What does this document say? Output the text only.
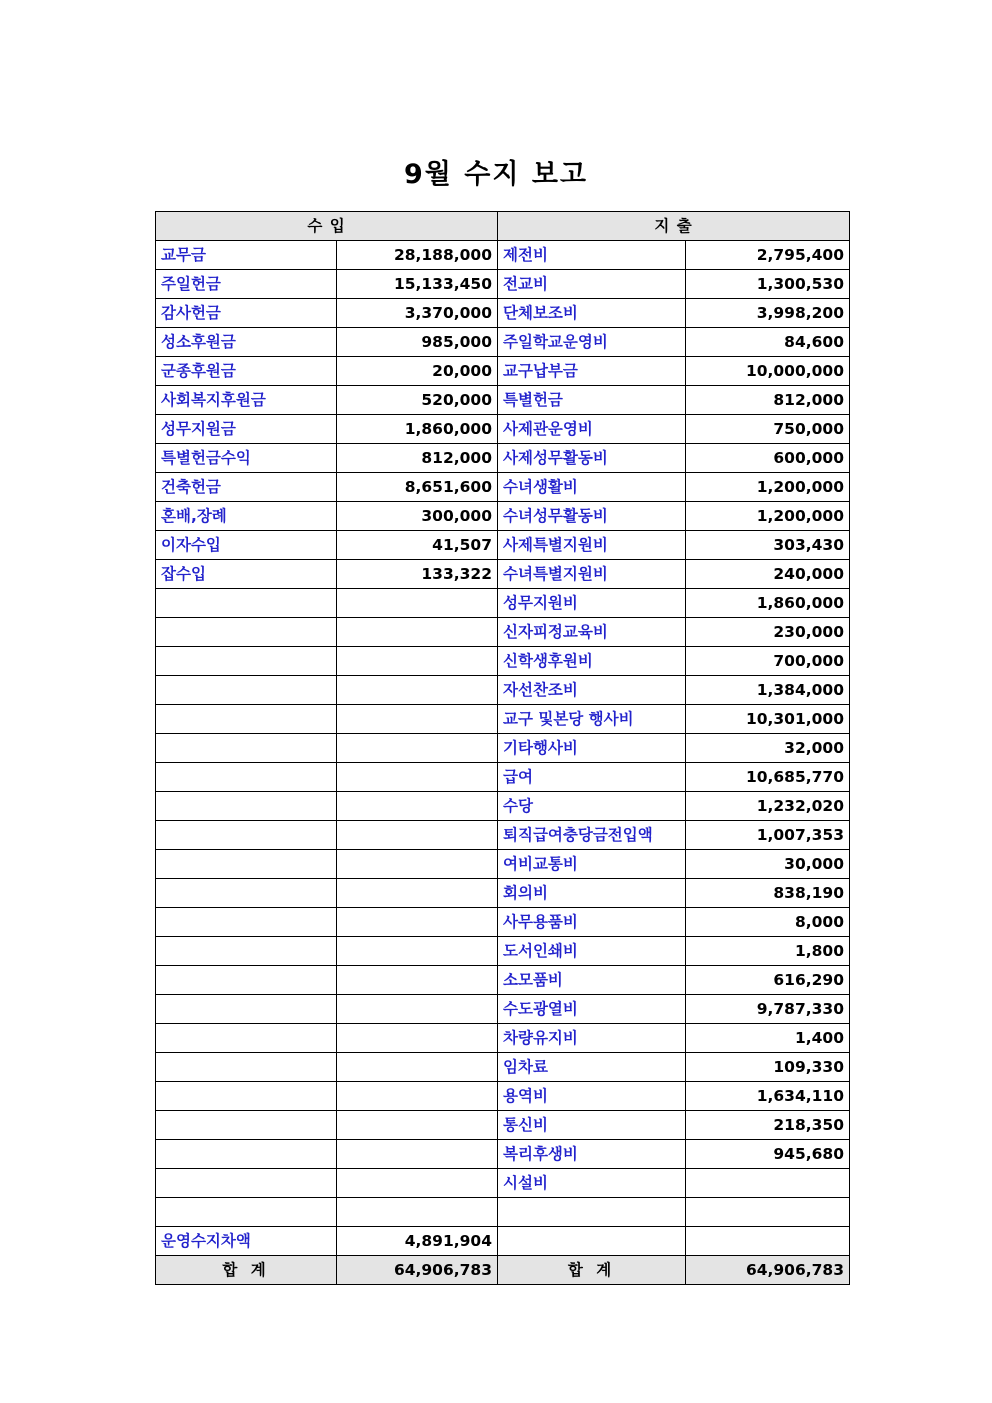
9월 수지 보고
수 입		지 출	
교무금	28,188,000	제전비	2,795,400
주일헌금	15,133,450	전교비	1,300,530
감사헌금	3,370,000	단체보조비	3,998,200
성소후원금	985,000	주일학교운영비	84,600
군종후원금	20,000	교구납부금	10,000,000
사회복지후원금	520,000	특별헌금	812,000
성무지원금	1,860,000	사제관운영비	750,000
특별헌금수익	812,000	사제성무활동비	600,000
건축헌금	8,651,600	수녀생활비	1,200,000
혼배,장례	300,000	수녀성무활동비	1,200,000
이자수입	41,507	사제특별지원비	303,430
잡수입	133,322	수녀특별지원비	240,000
		성무지원비	1,860,000
		신자피정교육비	230,000
		신학생후원비	700,000
		자선찬조비	1,384,000
		교구 및본당 행사비	10,301,000
		기타행사비	32,000
		급여	10,685,770
		수당	1,232,020
		퇴직급여충당금전입액	1,007,353
		여비교통비	30,000
		회의비	838,190
		사무용품비	8,000
		도서인쇄비	1,800
		소모품비	616,290
		수도광열비	9,787,330
		차량유지비	1,400
		임차료	109,330
		용역비	1,634,110
		통신비	218,350
		복리후생비	945,680
		시설비	

운영수지차액	4,891,904		
합 계	64,906,783	합 계	64,906,783
